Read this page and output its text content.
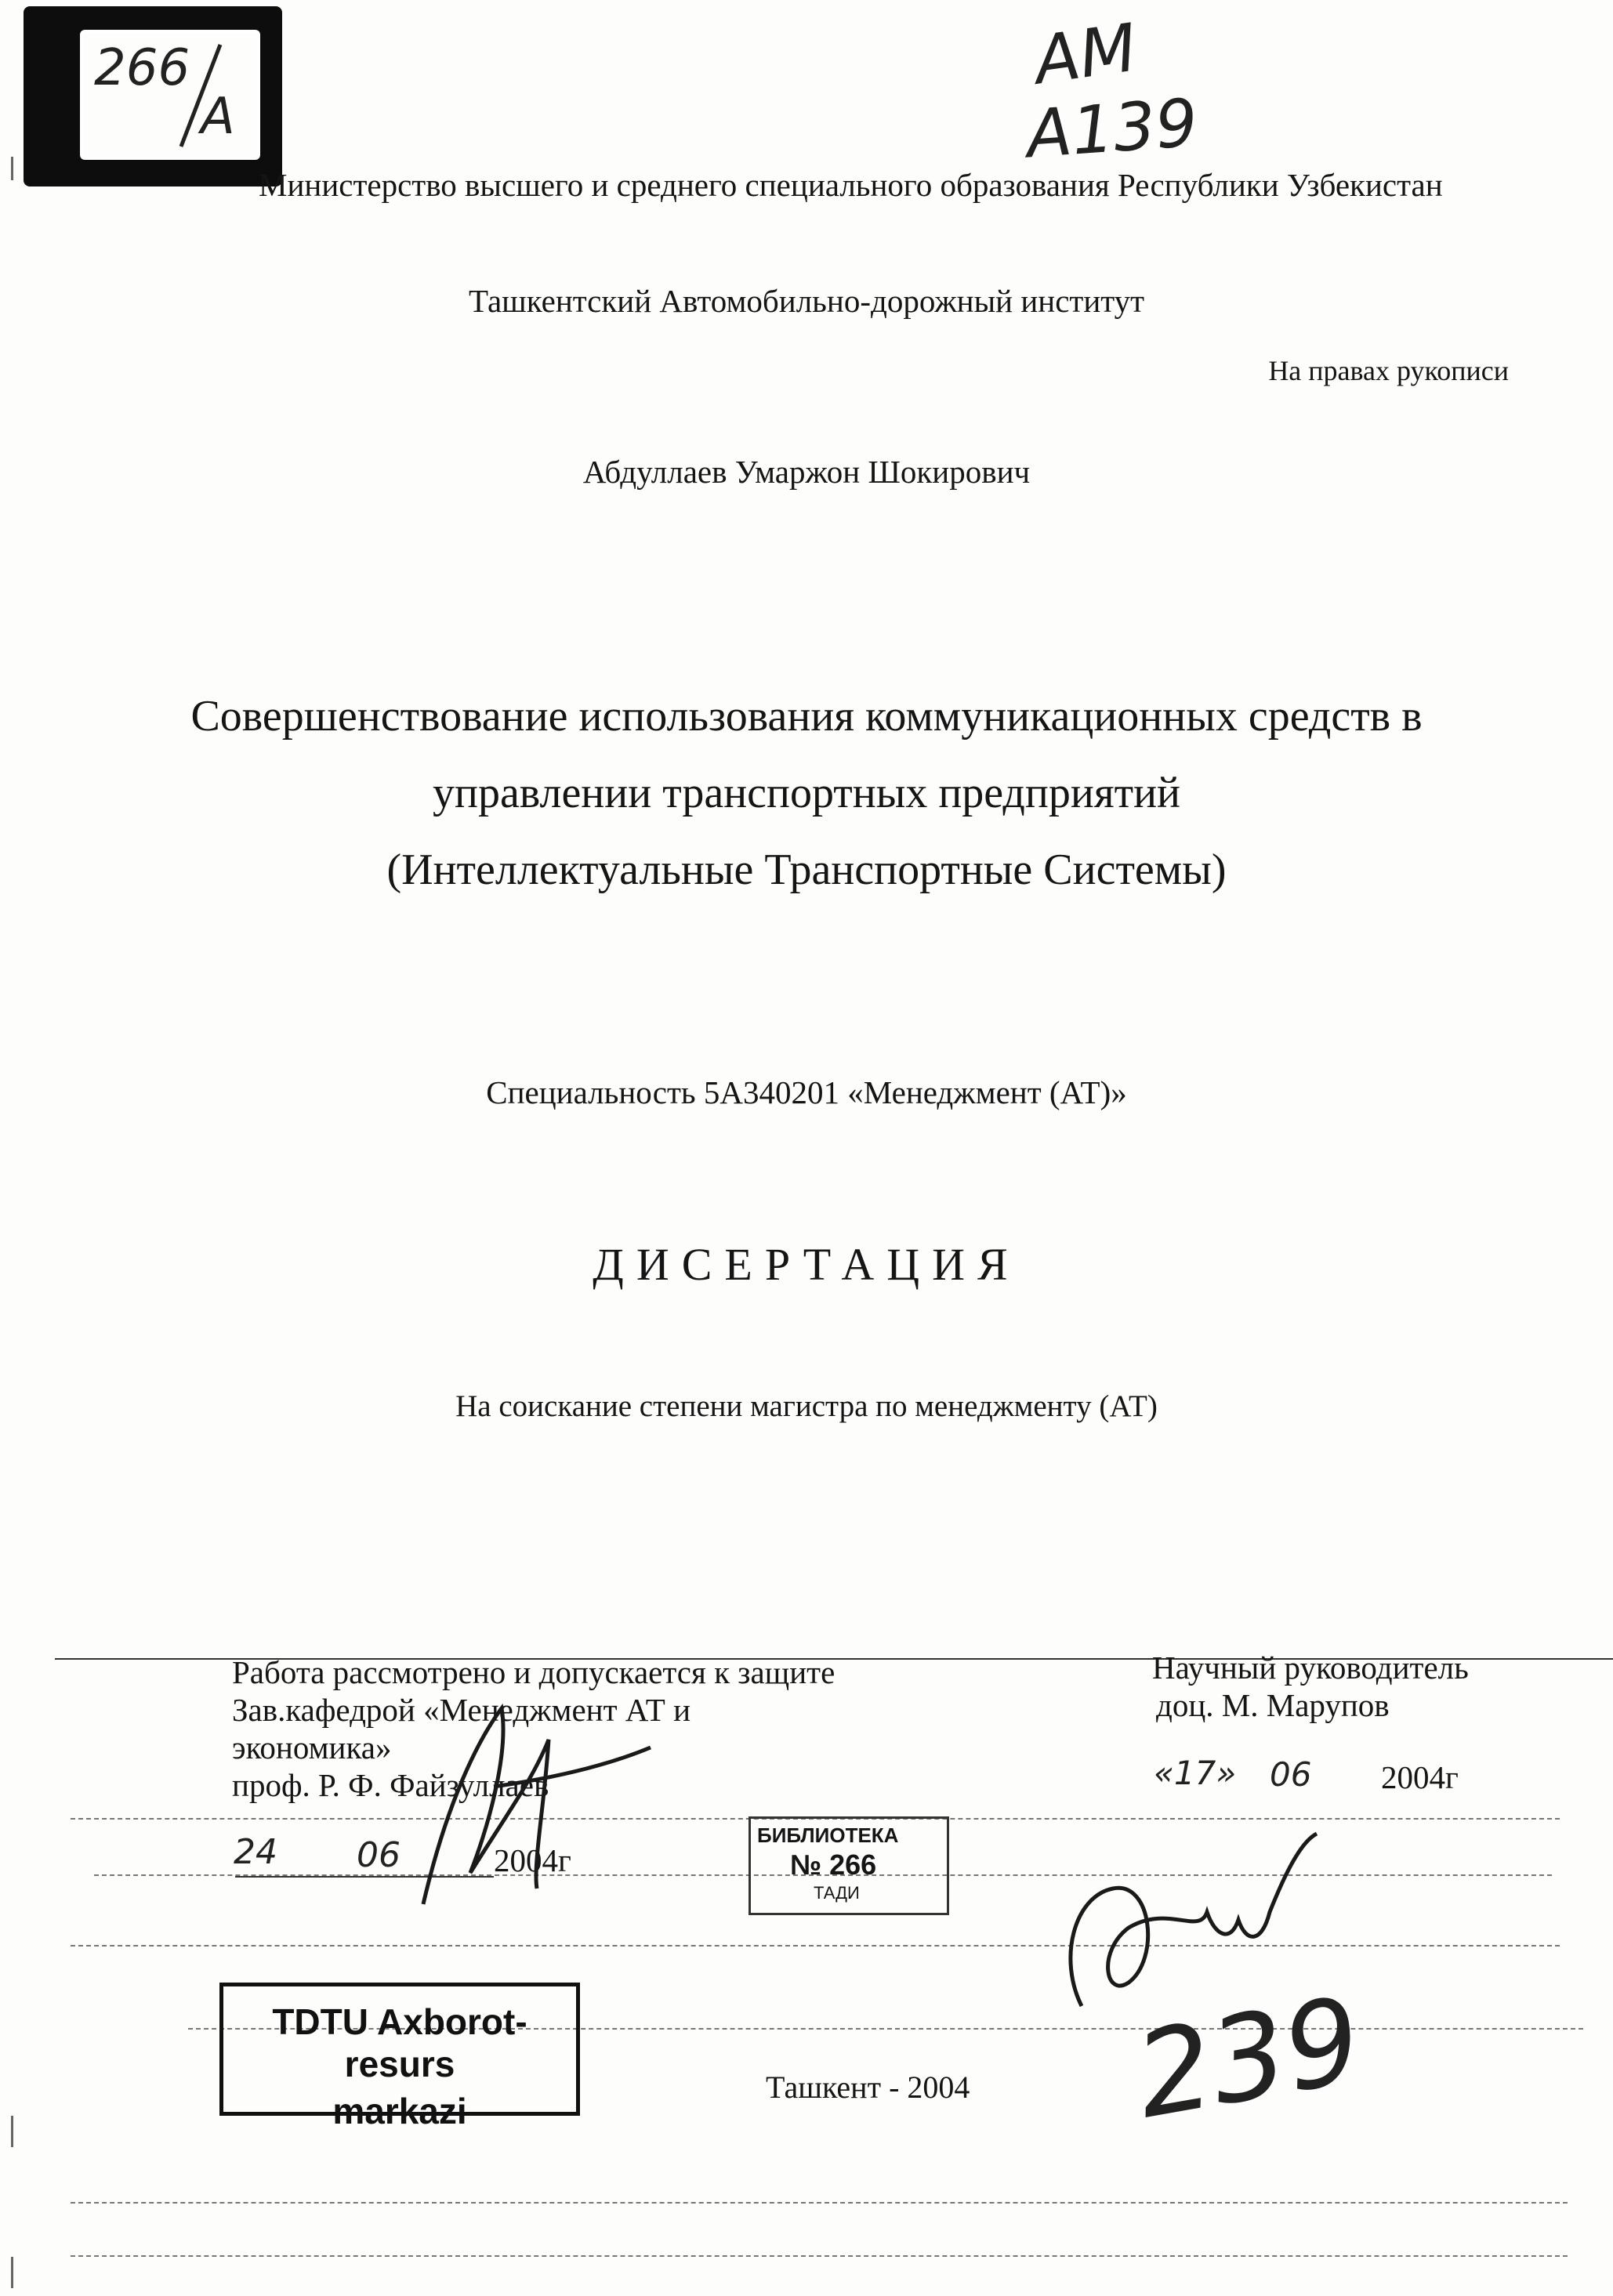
266
A
AM
A139
Министерство высшего и среднего специального образования Республики Узбекистан
Ташкентский Автомобильно-дорожный институт
На правах рукописи
Абдуллаев Умаржон Шокирович
Совершенствование использования коммуникационных средств в
управлении транспортных предприятий
(Интеллектуальные Транспортные Системы)
Специальность 5А340201 «Менеджмент (АТ)»
ДИСЕРТАЦИЯ
На соискание степени магистра по менеджменту (АТ)
Работа рассмотрено и допускается к защите
Зав.кафедрой «Менеджмент АТ и
экономика»
проф. Р. Ф. Файзуллаев
24 06	2004г
Научный руководитель
доц. М. Марупов
«17» 06 2004г
БИБЛИОТЕКА
№ 266
ТАДИ
TDTU Axborot-resurs
markazi
Ташкент - 2004 239
